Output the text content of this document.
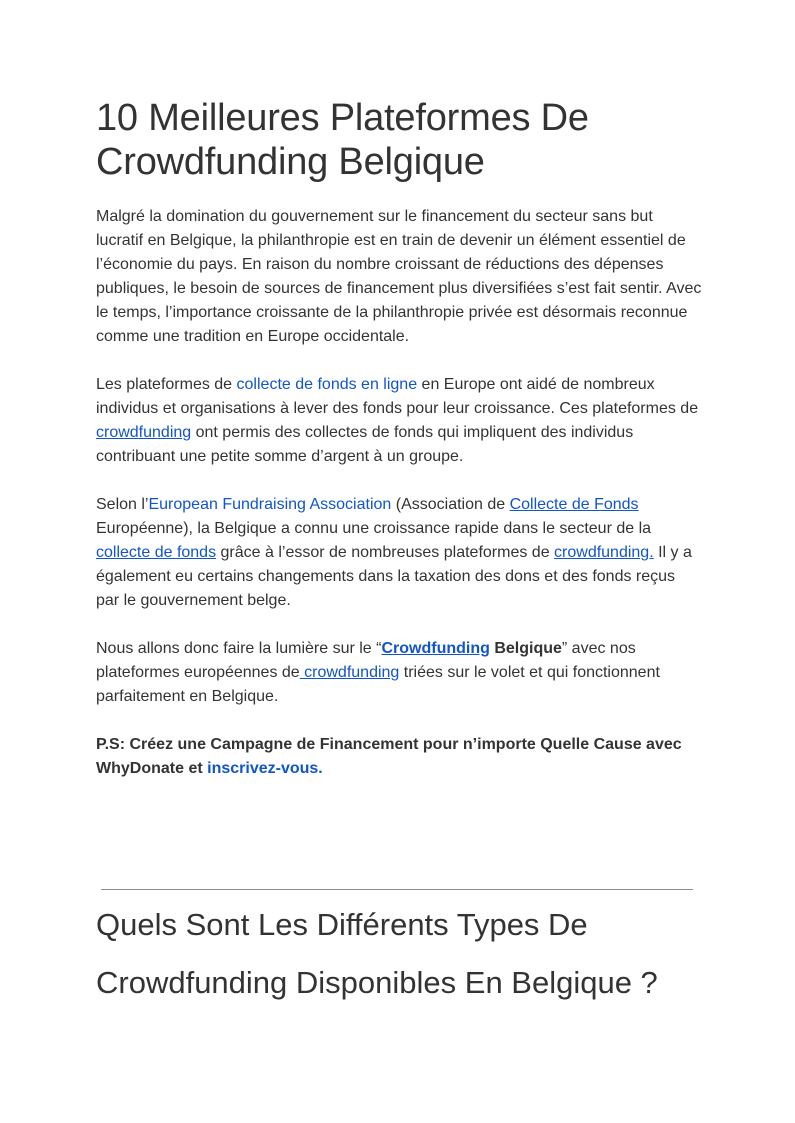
10 Meilleures Plateformes De Crowdfunding Belgique

Malgré la domination du gouvernement sur le financement du secteur sans but lucratif en Belgique, la philanthropie est en train de devenir un élément essentiel de l’économie du pays. En raison du nombre croissant de réductions des dépenses publiques, le besoin de sources de financement plus diversifiées s’est fait sentir. Avec le temps, l’importance croissante de la philanthropie privée est désormais reconnue comme une tradition en Europe occidentale.

Les plateformes de collecte de fonds en ligne en Europe ont aidé de nombreux individus et organisations à lever des fonds pour leur croissance. Ces plateformes de crowdfunding ont permis des collectes de fonds qui impliquent des individus contribuant une petite somme d’argent à un groupe.

Selon l’European Fundraising Association (Association de Collecte de Fonds Européenne), la Belgique a connu une croissance rapide dans le secteur de la collecte de fonds grâce à l’essor de nombreuses plateformes de crowdfunding. Il y a également eu certains changements dans la taxation des dons et des fonds reçus par le gouvernement belge.

Nous allons donc faire la lumière sur le “Crowdfunding Belgique” avec nos plateformes européennes de crowdfunding triées sur le volet et qui fonctionnent parfaitement en Belgique.

P.S: Créez une Campagne de Financement pour n’importe Quelle Cause avec WhyDonate et inscrivez-vous.

Quels Sont Les Différents Types De Crowdfunding Disponibles En Belgique ?
